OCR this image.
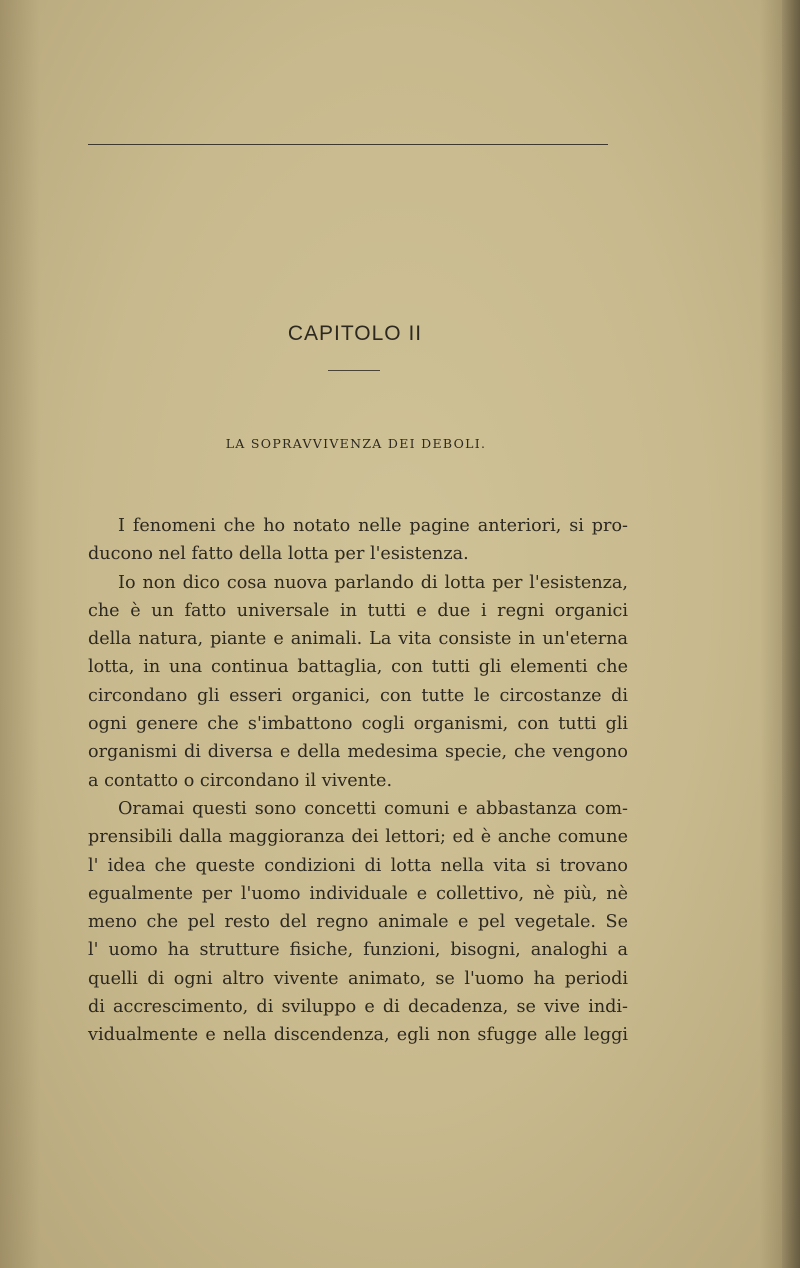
CAPITOLO II
LA SOPRAVVIVENZA DEI DEBOLI.
I fenomeni che ho notato nelle pagine anteriori, si pro-
ducono nel fatto della lotta per l'esistenza.
Io non dico cosa nuova parlando di lotta per l'esistenza,
che è un fatto universale in tutti e due i regni organici
della natura, piante e animali. La vita consiste in un'eterna
lotta, in una continua battaglia, con tutti gli elementi che
circondano gli esseri organici, con tutte le circostanze di
ogni genere che s'imbattono cogli organismi, con tutti gli
organismi di diversa e della medesima specie, che vengono
a contatto o circondano il vivente.
Oramai questi sono concetti comuni e abbastanza com-
prensibili dalla maggioranza dei lettori; ed è anche comune
l' idea che queste condizioni di lotta nella vita si trovano
egualmente per l'uomo individuale e collettivo, nè più, nè
meno che pel resto del regno animale e pel vegetale. Se
l' uomo ha strutture fisiche, funzioni, bisogni, analoghi a
quelli di ogni altro vivente animato, se l'uomo ha periodi
di accrescimento, di sviluppo e di decadenza, se vive indi-
vidualmente e nella discendenza, egli non sfugge alle leggi
